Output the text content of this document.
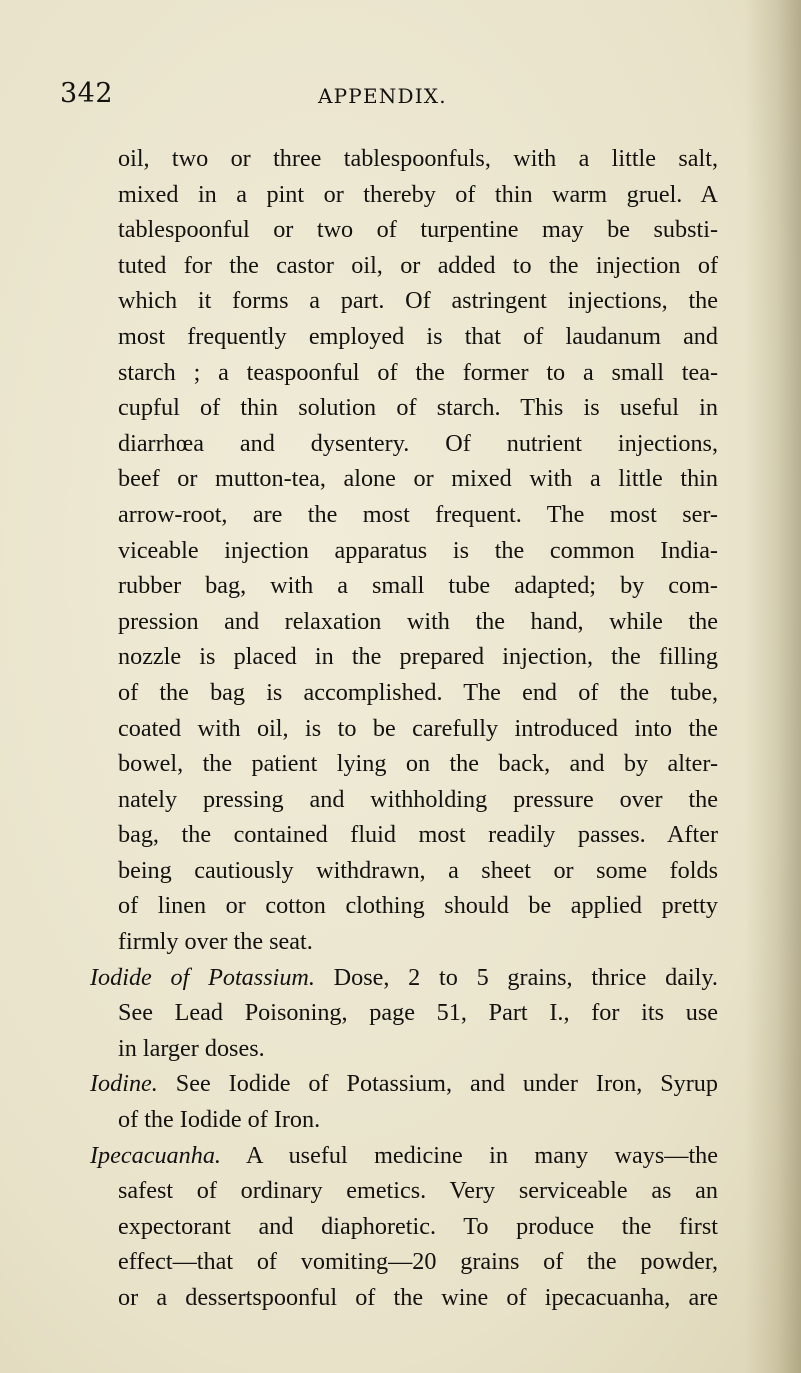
342	APPENDIX.
oil, two or three tablespoonfuls, with a little salt,
mixed in a pint or thereby of thin warm gruel. A
tablespoonful or two of turpentine may be substi-
tuted for the castor oil, or added to the injection of
which it forms a part. Of astringent injections, the
most frequently employed is that of laudanum and
starch ; a teaspoonful of the former to a small tea-
cupful of thin solution of starch. This is useful in
diarrhœa and dysentery. Of nutrient injections,
beef or mutton-tea, alone or mixed with a little thin
arrow-root, are the most frequent. The most ser-
viceable injection apparatus is the common India-
rubber bag, with a small tube adapted; by com-
pression and relaxation with the hand, while the
nozzle is placed in the prepared injection, the filling
of the bag is accomplished. The end of the tube,
coated with oil, is to be carefully introduced into the
bowel, the patient lying on the back, and by alter-
nately pressing and withholding pressure over the
bag, the contained fluid most readily passes. After
being cautiously withdrawn, a sheet or some folds
of linen or cotton clothing should be applied pretty
firmly over the seat.
Iodide of Potassium. Dose, 2 to 5 grains, thrice daily.
See Lead Poisoning, page 51, Part I., for its use
in larger doses.
Iodine. See Iodide of Potassium, and under Iron, Syrup
of the Iodide of Iron.
Ipecacuanha. A useful medicine in many ways—the
safest of ordinary emetics. Very serviceable as an
expectorant and diaphoretic. To produce the first
effect—that of vomiting—20 grains of the powder,
or a dessertspoonful of the wine of ipecacuanha, are
